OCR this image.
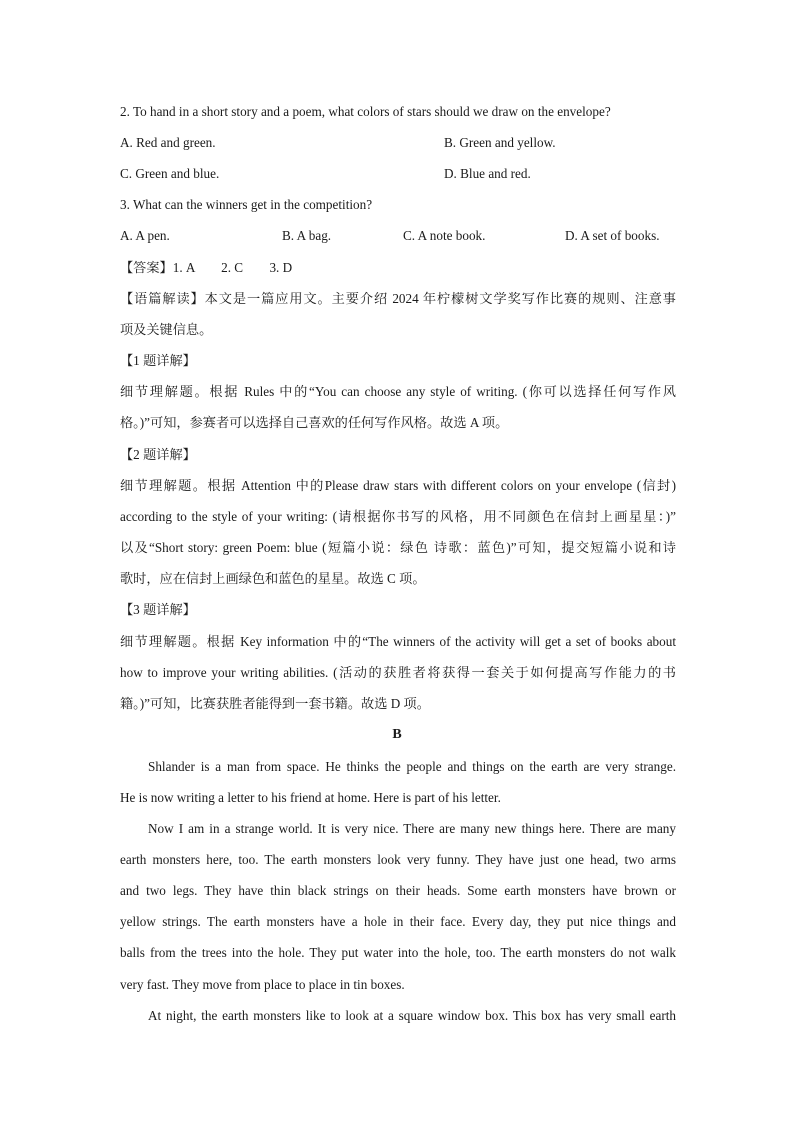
2. To hand in a short story and a poem, what colors of stars should we draw on the envelope?
A. Red and green.	B. Green and yellow.
C. Green and blue.	D. Blue and red.
3. What can the winners get in the competition?
A. A pen.	B. A bag.	C. A note book.	D. A set of books.
【答案】1. A　　2. C　　3. D
【语篇解读】本文是一篇应用文。主要介绍 2024 年柠檬树文学奖写作比赛的规则、注意事
项及关键信息。
【1 题详解】
细节理解题。根据 Rules 中的“You can choose any style of writing. (你可以选择任何写作风
格。)”可知，参赛者可以选择自己喜欢的任何写作风格。故选 A 项。
【2 题详解】
细节理解题。根据 Attention 中的Please draw stars with different colors on your envelope (信封)
according to the style of your writing: (请根据你书写的风格，用不同颜色在信封上画星星：)”
以及“Short story: green Poem: blue (短篇小说：绿色 诗歌：蓝色)”可知，提交短篇小说和诗
歌时，应在信封上画绿色和蓝色的星星。故选 C 项。
【3 题详解】
细节理解题。根据 Key information 中的“The winners of the activity will get a set of books about
how to improve your writing abilities. (活动的获胜者将获得一套关于如何提高写作能力的书
籍。)”可知，比赛获胜者能得到一套书籍。故选 D 项。
B
Shlander is a man from space. He thinks the people and things on the earth are very strange.
He is now writing a letter to his friend at home. Here is part of his letter.
Now I am in a strange world. It is very nice. There are many new things here. There are many
earth monsters here, too. The earth monsters look very funny. They have just one head, two arms
and two legs. They have thin black strings on their heads. Some earth monsters have brown or
yellow strings. The earth monsters have a hole in their face. Every day, they put nice things and
balls from the trees into the hole. They put water into the hole, too. The earth monsters do not walk
very fast. They move from place to place in tin boxes.
At night, the earth monsters like to look at a square window box. This box has very small earth
